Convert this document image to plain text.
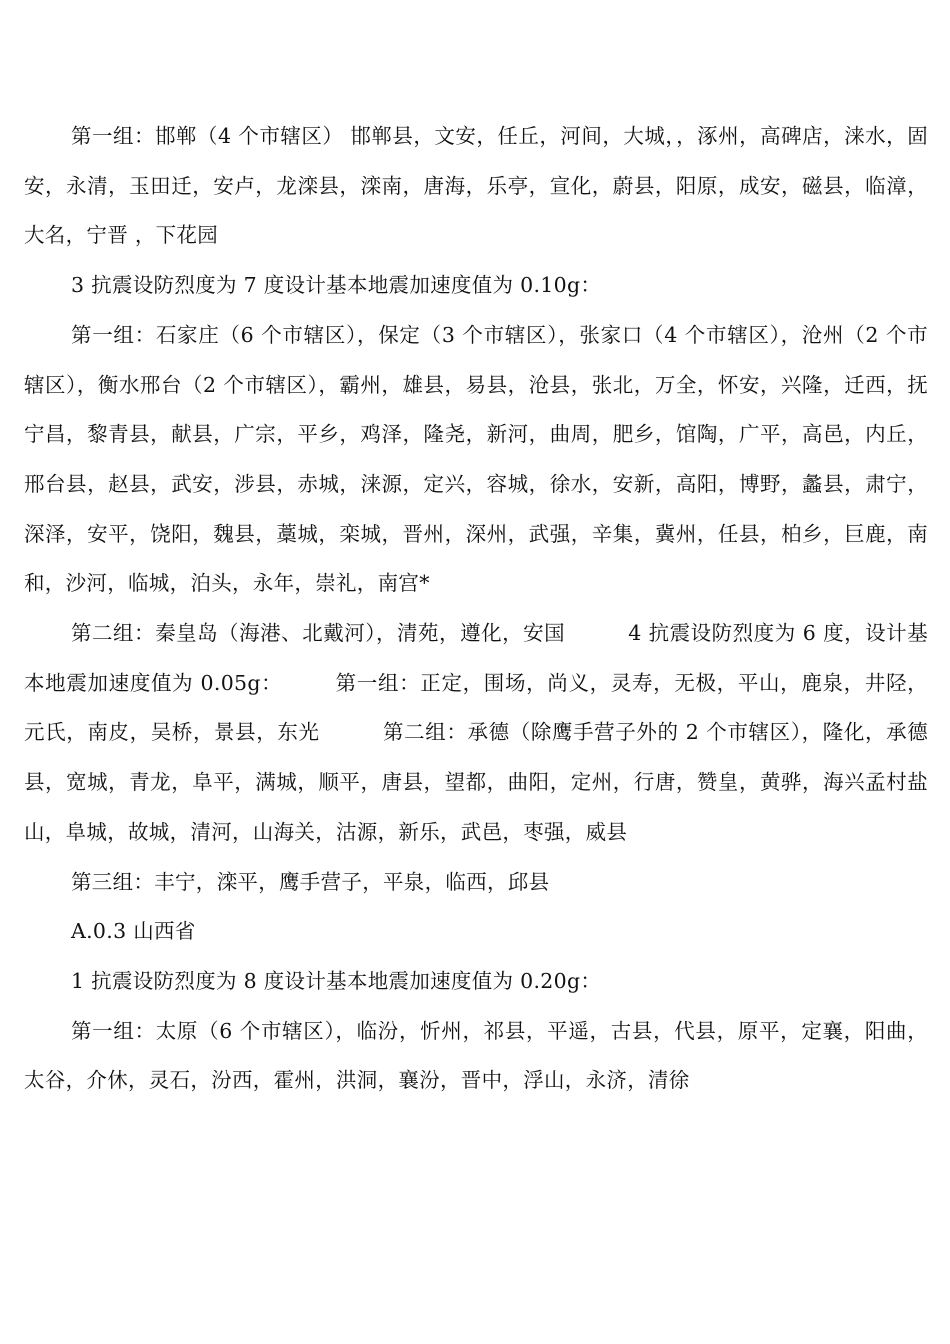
第一组：邯郸（4 个市辖区） 邯郸县，文安，任丘，河间，大城，，涿州，高碑店，涞水，固安，永清，玉田迁，安卢，龙滦县，滦南，唐海，乐亭，宣化，蔚县，阳原，成安，磁县，临漳，大名，宁晋 ，下花园

3 抗震设防烈度为 7 度设计基本地震加速度值为 0.10g：

第一组：石家庄（6 个市辖区），保定（3 个市辖区），张家口（4 个市辖区），沧州（2 个市辖区），衡水邢台（2 个市辖区），霸州，雄县，易县，沧县，张北，万全，怀安，兴隆，迁西，抚宁昌，黎青县，献县，广宗，平乡，鸡泽，隆尧，新河，曲周，肥乡，馆陶，广平，高邑，内丘，邢台县，赵县，武安，涉县，赤城，涞源，定兴，容城，徐水，安新，高阳，博野，蠡县，肃宁，深泽，安平，饶阳，魏县，藁城，栾城，晋州，深州，武强，辛集，冀州，任县，柏乡，巨鹿，南和，沙河，临城，泊头，永年，崇礼，南宫*

第二组：秦皇岛（海港、北戴河），清苑，遵化，安国　　　4 抗震设防烈度为 6 度，设计基本地震加速度值为 0.05g：　　　第一组：正定，围场，尚义，灵寿，无极，平山，鹿泉，井陉，元氏，南皮，吴桥，景县，东光　　　第二组：承德（除鹰手营子外的 2 个市辖区），隆化，承德县，宽城，青龙，阜平，满城，顺平，唐县，望都，曲阳，定州，行唐，赞皇，黄骅，海兴孟村盐山，阜城，故城，清河，山海关，沽源，新乐，武邑，枣强，威县

第三组：丰宁，滦平，鹰手营子，平泉，临西，邱县

A.0.3 山西省

1 抗震设防烈度为 8 度设计基本地震加速度值为 0.20g：

第一组：太原（6 个市辖区），临汾，忻州，祁县，平遥，古县，代县，原平，定襄，阳曲，太谷，介休，灵石，汾西，霍州，洪洞，襄汾，晋中，浮山，永济，清徐
